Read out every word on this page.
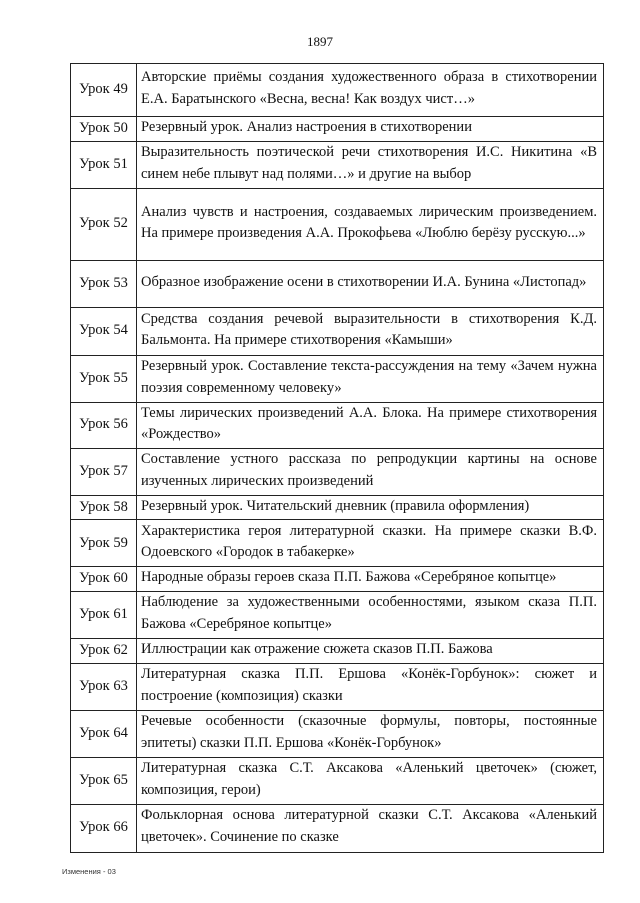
1897
Урок 49	Авторские приёмы создания художественного образа в стихотворении Е.А. Баратынского «Весна, весна! Как воздух чист…»
Урок 50	Резервный урок. Анализ настроения в стихотворении
Урок 51	Выразительность поэтической речи стихотворения И.С. Никитина «В синем небе плывут над полями…» и другие на выбор
Урок 52	Анализ чувств и настроения, создаваемых лирическим произведением. На примере произведения А.А. Прокофьева «Люблю берёзу русскую...»
Урок 53	Образное изображение осени в стихотворении И.А. Бунина «Листопад»
Урок 54	Средства создания речевой выразительности в стихотворения К.Д. Бальмонта. На примере стихотворения «Камыши»
Урок 55	Резервный урок. Составление текста-рассуждения на тему «Зачем нужна поэзия современному человеку»
Урок 56	Темы лирических произведений А.А. Блока. На примере стихотворения «Рождество»
Урок 57	Составление устного рассказа по репродукции картины на основе изученных лирических произведений
Урок 58	Резервный урок. Читательский дневник (правила оформления)
Урок 59	Характеристика героя литературной сказки. На примере сказки В.Ф. Одоевского «Городок в табакерке»
Урок 60	Народные образы героев сказа П.П. Бажова «Серебряное копытце»
Урок 61	Наблюдение за художественными особенностями, языком сказа П.П. Бажова «Серебряное копытце»
Урок 62	Иллюстрации как отражение сюжета сказов П.П. Бажова
Урок 63	Литературная сказка П.П. Ершова «Конёк-Горбунок»: сюжет и построение (композиция) сказки
Урок 64	Речевые особенности (сказочные формулы, повторы, постоянные эпитеты) сказки П.П. Ершова «Конёк-Горбунок»
Урок 65	Литературная сказка С.Т. Аксакова «Аленький цветочек» (сюжет, композиция, герои)
Урок 66	Фольклорная основа литературной сказки С.Т. Аксакова «Аленький цветочек». Сочинение по сказке
Изменения - 03
